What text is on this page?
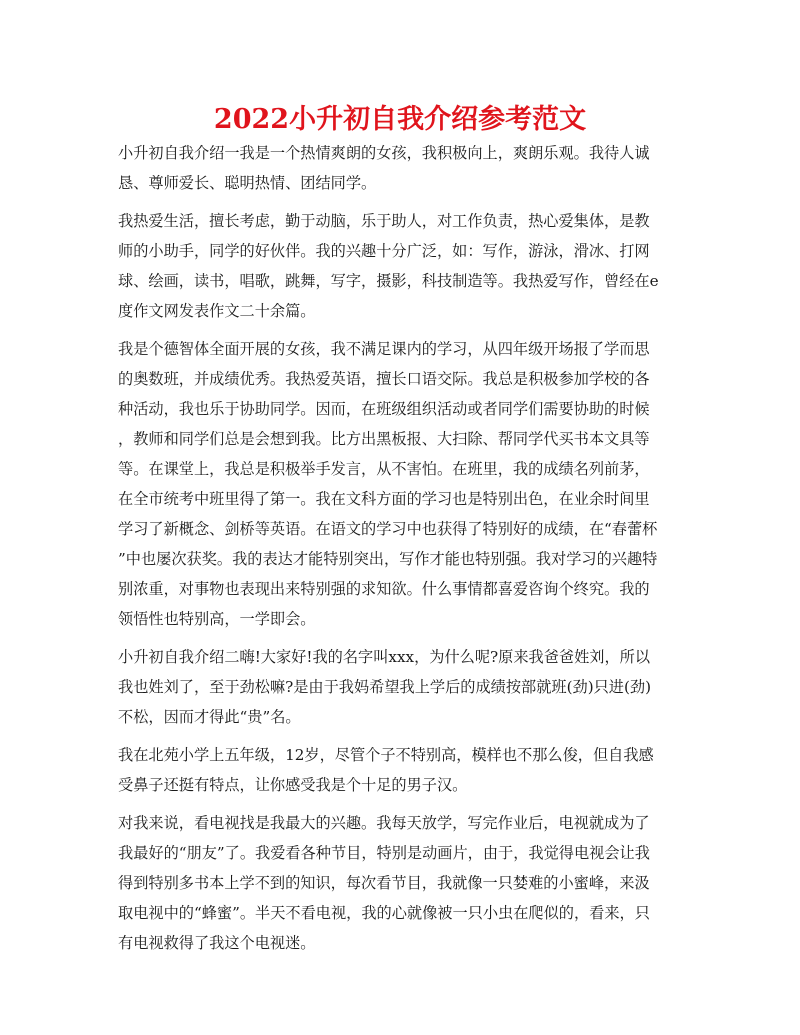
2022小升初自我介绍参考范文
小升初自我介绍一我是一个热情爽朗的女孩，我积极向上，爽朗乐观。我待人诚
恳、尊师爱长、聪明热情、团结同学。
我热爱生活，擅长考虑，勤于动脑，乐于助人，对工作负责，热心爱集体，是教
师的小助手，同学的好伙伴。我的兴趣十分广泛，如：写作，游泳，滑冰、打网
球、绘画，读书，唱歌，跳舞，写字，摄影，科技制造等。我热爱写作，曾经在e
度作文网发表作文二十余篇。
我是个德智体全面开展的女孩，我不满足课内的学习，从四年级开场报了学而思
的奥数班，并成绩优秀。我热爱英语，擅长口语交际。我总是积极参加学校的各
种活动，我也乐于协助同学。因而，在班级组织活动或者同学们需要协助的时候
，教师和同学们总是会想到我。比方出黑板报、大扫除、帮同学代买书本文具等
等。在课堂上，我总是积极举手发言，从不害怕。在班里，我的成绩名列前茅，
在全市统考中班里得了第一。我在文科方面的学习也是特别出色，在业余时间里
学习了新概念、剑桥等英语。在语文的学习中也获得了特别好的成绩，在“春蕾杯
”中也屡次获奖。我的表达才能特别突出，写作才能也特别强。我对学习的兴趣特
别浓重，对事物也表现出来特别强的求知欲。什么事情都喜爱咨询个终究。我的
领悟性也特别高，一学即会。
小升初自我介绍二嗨!大家好!我的名字叫xxx，为什么呢?原来我爸爸姓刘，所以
我也姓刘了，至于劲松嘛?是由于我妈希望我上学后的成绩按部就班(劲)只进(劲)
不松，因而才得此“贵”名。
我在北苑小学上五年级，12岁，尽管个子不特别高，模样也不那么俊，但自我感
受鼻子还挺有特点，让你感受我是个十足的男子汉。
对我来说，看电视找是我最大的兴趣。我每天放学，写完作业后，电视就成为了
我最好的“朋友”了。我爱看各种节目，特别是动画片，由于，我觉得电视会让我
得到特别多书本上学不到的知识，每次看节目，我就像一只婪难的小蜜峰，来汲
取电视中的“蜂蜜”。半天不看电视，我的心就像被一只小虫在爬似的，看来，只
有电视救得了我这个电视迷。
